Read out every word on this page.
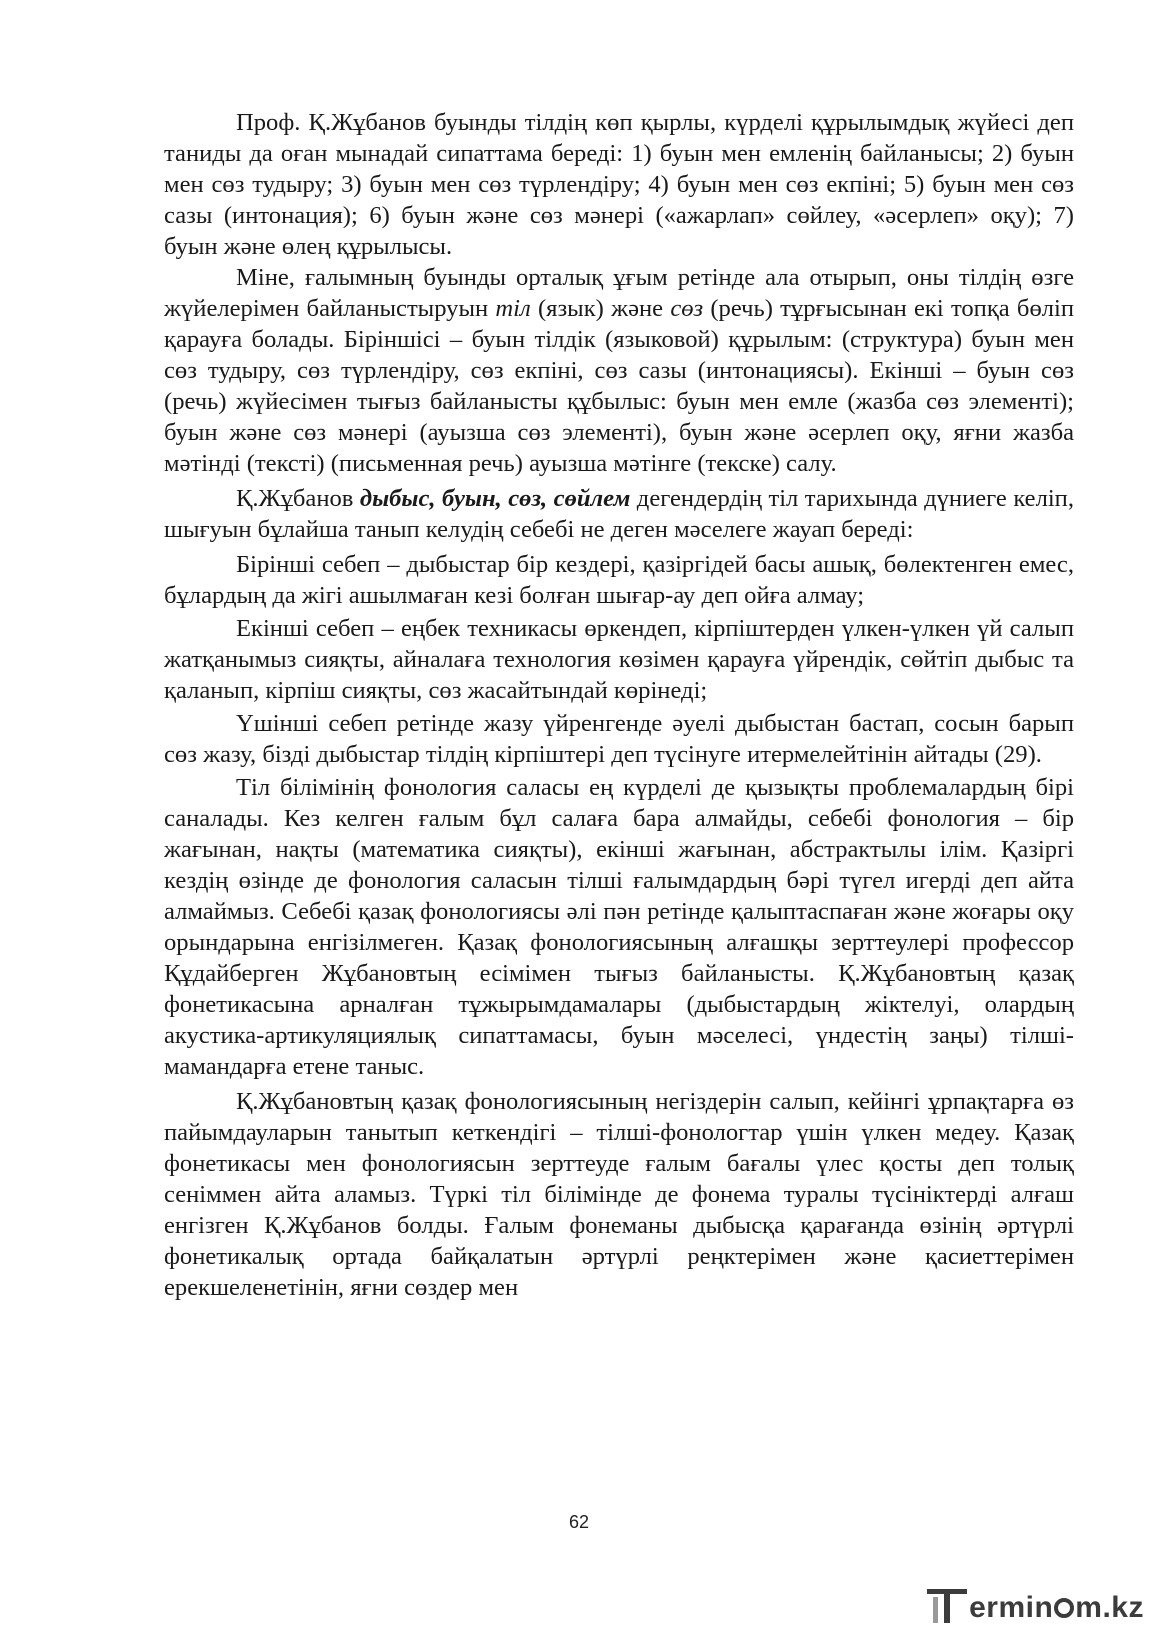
Проф. Қ.Жұбанов буынды тілдің көп қырлы, күрделі құрылымдық жүйесі деп таниды да оған мынадай сипаттама береді: 1) буын мен емленің байланысы; 2) буын мен сөз тудыру; 3) буын мен сөз түрлендіру; 4) буын мен сөз екпіні; 5) буын мен сөз сазы (интонация); 6) буын және сөз мәнері («ажарлап» сөйлеу, «әсерлеп» оқу); 7) буын және өлең құрылысы.

Міне, ғалымның буынды орталық ұғым ретінде ала отырып, оны тілдің өзге жүйелерімен байланыстыруын тіл (язык) және сөз (речь) тұрғысынан екі топқа бөліп қарауға болады. Біріншісі – буын тілдік (языковой) құрылым: (структура) буын мен сөз тудыру, сөз түрлендіру, сөз екпіні, сөз сазы (интонациясы). Екінші – буын сөз (речь) жүйесімен тығыз байланысты құбылыс: буын мен емле (жазба сөз элементі); буын және сөз мәнері (ауызша сөз элементі), буын және әсерлеп оқу, яғни жазба мәтінді (тексті) (письменная речь) ауызша мәтінге (текске) салу.

Қ.Жұбанов дыбыс, буын, сөз, сөйлем дегендердің тіл тарихында дүниеге келіп, шығуын бұлайша танып келудің себебі не деген мәселеге жауап береді:

Бірінші себеп – дыбыстар бір кездері, қазіргідей басы ашық, бөлектенген емес, бұлардың да жігі ашылмаған кезі болған шығар-ау деп ойға алмау;

Екінші себеп – еңбек техникасы өркендеп, кірпіштерден үлкен-үлкен үй салып жатқанымыз сияқты, айналаға технология көзімен қарауға үйрендік, сөйтіп дыбыс та қаланып, кірпіш сияқты, сөз жасайтындай көрінеді;

Үшінші себеп ретінде жазу үйренгенде әуелі дыбыстан бастап, сосын барып сөз жазу, бізді дыбыстар тілдің кірпіштері деп түсінуге итермелейтінін айтады (29).

Тіл білімінің фонология саласы ең күрделі де қызықты проблемалардың бірі саналады. Кез келген ғалым бұл салаға бара алмайды, себебі фонология – бір жағынан, нақты (математика сияқты), екінші жағынан, абстрактылы ілім. Қазіргі кездің өзінде де фонология саласын тілші ғалымдардың бәрі түгел игерді деп айта алмаймыз. Себебі қазақ фонологиясы әлі пән ретінде қалыптаспаған және жоғары оқу орындарына енгізілмеген. Қазақ фонологиясының алғашқы зерттеулері профессор Құдайберген Жұбановтың есімімен тығыз байланысты. Қ.Жұбановтың қазақ фонетикасына арналған тұжырымдамалары (дыбыстардың жіктелуі, олардың акустика-артикуляциялық сипаттамасы, буын мәселесі, үндестің заңы) тілші-мамандарға етене таныс.

Қ.Жұбановтың қазақ фонологиясының негіздерін салып, кейінгі ұрпақтарға өз пайымдауларын танытып кеткендігі – тілші-фонологтар үшін үлкен медеу. Қазақ фонетикасы мен фонологиясын зерттеуде ғалым бағалы үлес қосты деп толық сеніммен айта аламыз. Түркі тіл білімінде де фонема туралы түсініктерді алғаш енгізген Қ.Жұбанов болды. Ғалым фонеманы дыбысқа қарағанда өзінің әртүрлі фонетикалық ортада байқалатын әртүрлі реңктерімен және қасиеттерімен ерекшеленетінін, яғни сөздер мен

62
ermin m.kz
